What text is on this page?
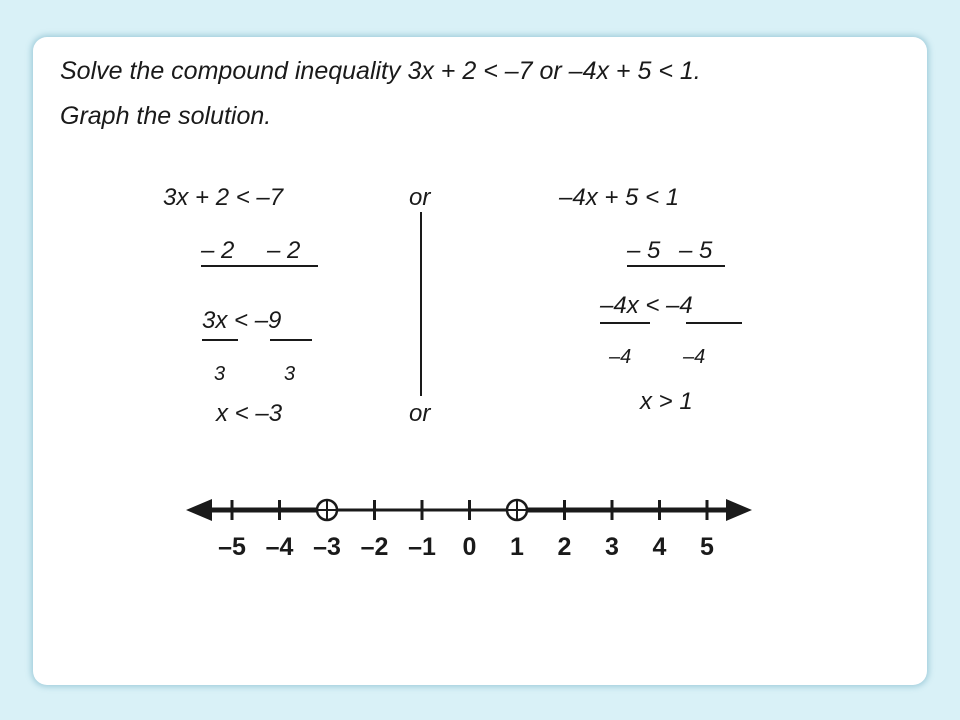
Solve the compound inequality 3x + 2 < –7 or –4x + 5 < 1.
Graph the solution.
3x + 2 < –7
– 2 – 2
3x < –9
3	3
x < –3
or
or
–4x + 5 < 1
– 5 – 5
–4x < –4
–4	–4
x > 1
–5 –4 –3 –2 –1 0 1 2 3 4 5
